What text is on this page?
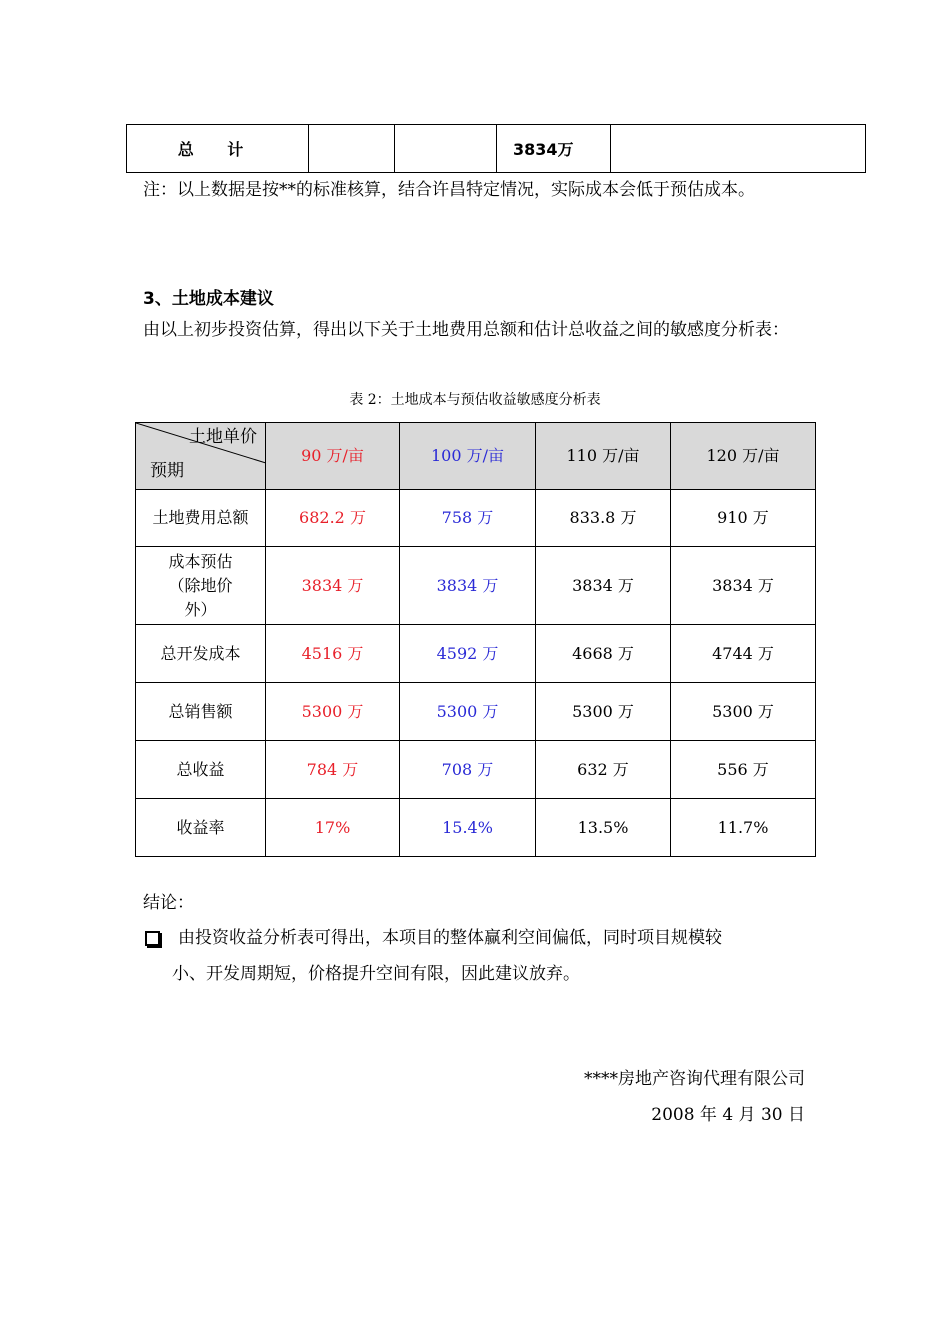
总 计			3834万	

注：以上数据是按**的标准核算，结合许昌特定情况，实际成本会低于预估成本。

3、土地成本建议

由以上初步投资估算，得出以下关于土地费用总额和估计总收益之间的敏感度分析表：

表 2：土地成本与预估收益敏感度分析表
土地单价
预期	90 万/亩	100 万/亩	110 万/亩	120 万/亩
土地费用总额	682.2 万	758 万	833.8 万	910 万
成本预估（除地价外）	3834 万	3834 万	3834 万	3834 万
总开发成本	4516 万	4592 万	4668 万	4744 万
总销售额	5300 万	5300 万	5300 万	5300 万
总收益	784 万	708 万	632 万	556 万
收益率	17%	15.4%	13.5%	11.7%
结论：
由投资收益分析表可得出，本项目的整体赢利空间偏低，同时项目规模较
小、开发周期短，价格提升空间有限，因此建议放弃。
****房地产咨询代理有限公司
2008 年 4 月 30 日
